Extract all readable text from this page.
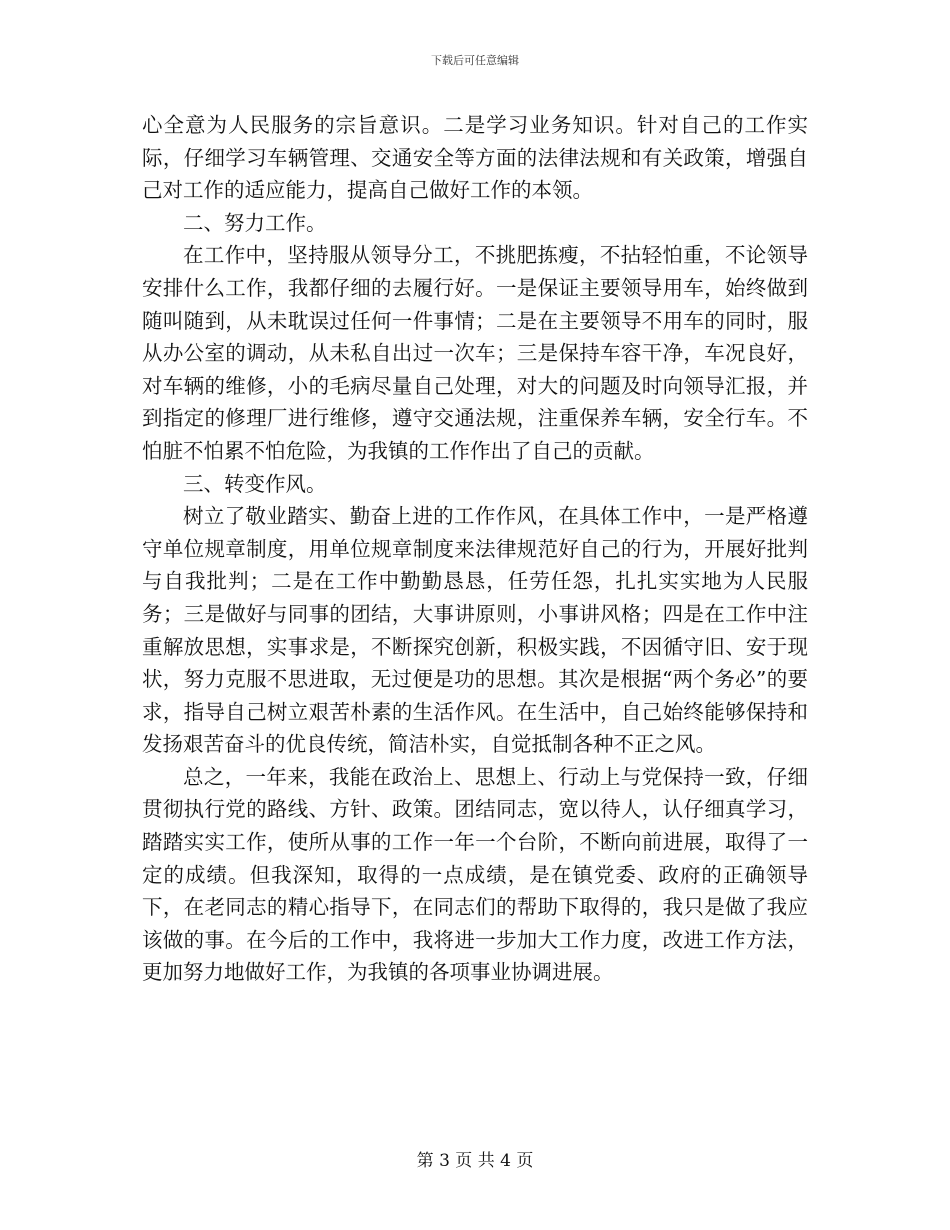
下载后可任意编辑

心全意为人民服务的宗旨意识。二是学习业务知识。针对自己的工作实际，仔细学习车辆管理、交通安全等方面的法律法规和有关政策，增强自己对工作的适应能力，提高自己做好工作的本领。

二、努力工作。

在工作中，坚持服从领导分工，不挑肥拣瘦，不拈轻怕重，不论领导安排什么工作，我都仔细的去履行好。一是保证主要领导用车，始终做到随叫随到，从未耽误过任何一件事情；二是在主要领导不用车的同时，服从办公室的调动，从未私自出过一次车；三是保持车容干净，车况良好，对车辆的维修，小的毛病尽量自己处理，对大的问题及时向领导汇报，并到指定的修理厂进行维修，遵守交通法规，注重保养车辆，安全行车。不怕脏不怕累不怕危险，为我镇的工作作出了自己的贡献。

三、转变作风。

树立了敬业踏实、勤奋上进的工作作风，在具体工作中，一是严格遵守单位规章制度，用单位规章制度来法律规范好自己的行为，开展好批判与自我批判；二是在工作中勤勤恳恳，任劳任怨，扎扎实实地为人民服务；三是做好与同事的团结，大事讲原则，小事讲风格；四是在工作中注重解放思想，实事求是，不断探究创新，积极实践，不因循守旧、安于现状，努力克服不思进取，无过便是功的思想。其次是根据“两个务必”的要求，指导自己树立艰苦朴素的生活作风。在生活中，自己始终能够保持和发扬艰苦奋斗的优良传统，简洁朴实，自觉抵制各种不正之风。

总之，一年来，我能在政治上、思想上、行动上与党保持一致，仔细贯彻执行党的路线、方针、政策。团结同志，宽以待人，认仔细真学习，踏踏实实工作，使所从事的工作一年一个台阶，不断向前进展，取得了一定的成绩。但我深知，取得的一点成绩，是在镇党委、政府的正确领导下，在老同志的精心指导下，在同志们的帮助下取得的，我只是做了我应该做的事。在今后的工作中，我将进一步加大工作力度，改进工作方法，更加努力地做好工作，为我镇的各项事业协调进展。

第 3 页 共 4 页
